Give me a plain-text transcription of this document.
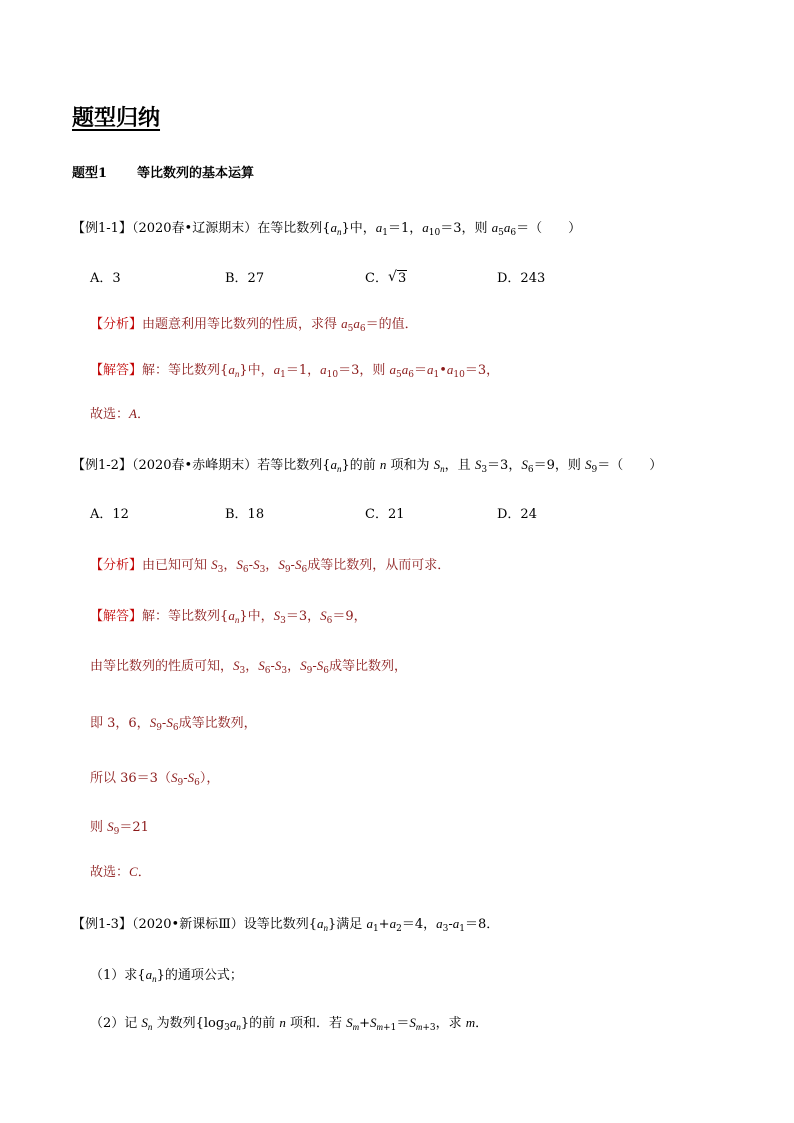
题型归纳
题型1 等比数列的基本运算
【例1-1】（2020春•辽源期末）在等比数列$\{a_n\}$中，$a_1=1$，$a_{10}=3$，则 $a_5a_6=$（　　）
A．3	B．27	C． √ 3	D．243
【分析】由题意利用等比数列的性质，求得 $a_5a_6=$的值．
【解答】解：等比数列$\{a_n\}$中，$a_1=1$，$a_{10}=3$，则 $a_5a_6=a_1•a_{10}=3$，
故选：A．
【例1-2】（2020春•赤峰期末）若等比数列$\{a_n\}$的前 n 项和为 $S_n$，且 $S_3=3$，$S_6=9$，则 $S_9=$（　　）
A．12	B．18	C．21	D．24
【分析】由已知可知 $S_3$，$S_6-S_3$，$S_9-S_6$成等比数列，从而可求．
【解答】解：等比数列$\{a_n\}$中，$S_3=3$，$S_6=9$，
由等比数列的性质可知，$S_3$，$S_6-S_3$，$S_9-S_6$成等比数列，
即 3，6，$S_9-S_6$成等比数列，
所以 $36=3(S_9-S_6)$，
则 $S_9=21$
故选：C．
【例1-3】（2020•新课标Ⅲ）设等比数列$\{a_n\}$满足 $a_1+a_2=4$，$a_3-a_1=8$．
（1）求$\{a_n\}$的通项公式；
（2）记 $S_n$ 为数列$\{\log_3a_n\}$的前 n 项和．若 $S_m+S_{m+1}=S_{m+3}$，求 m．
